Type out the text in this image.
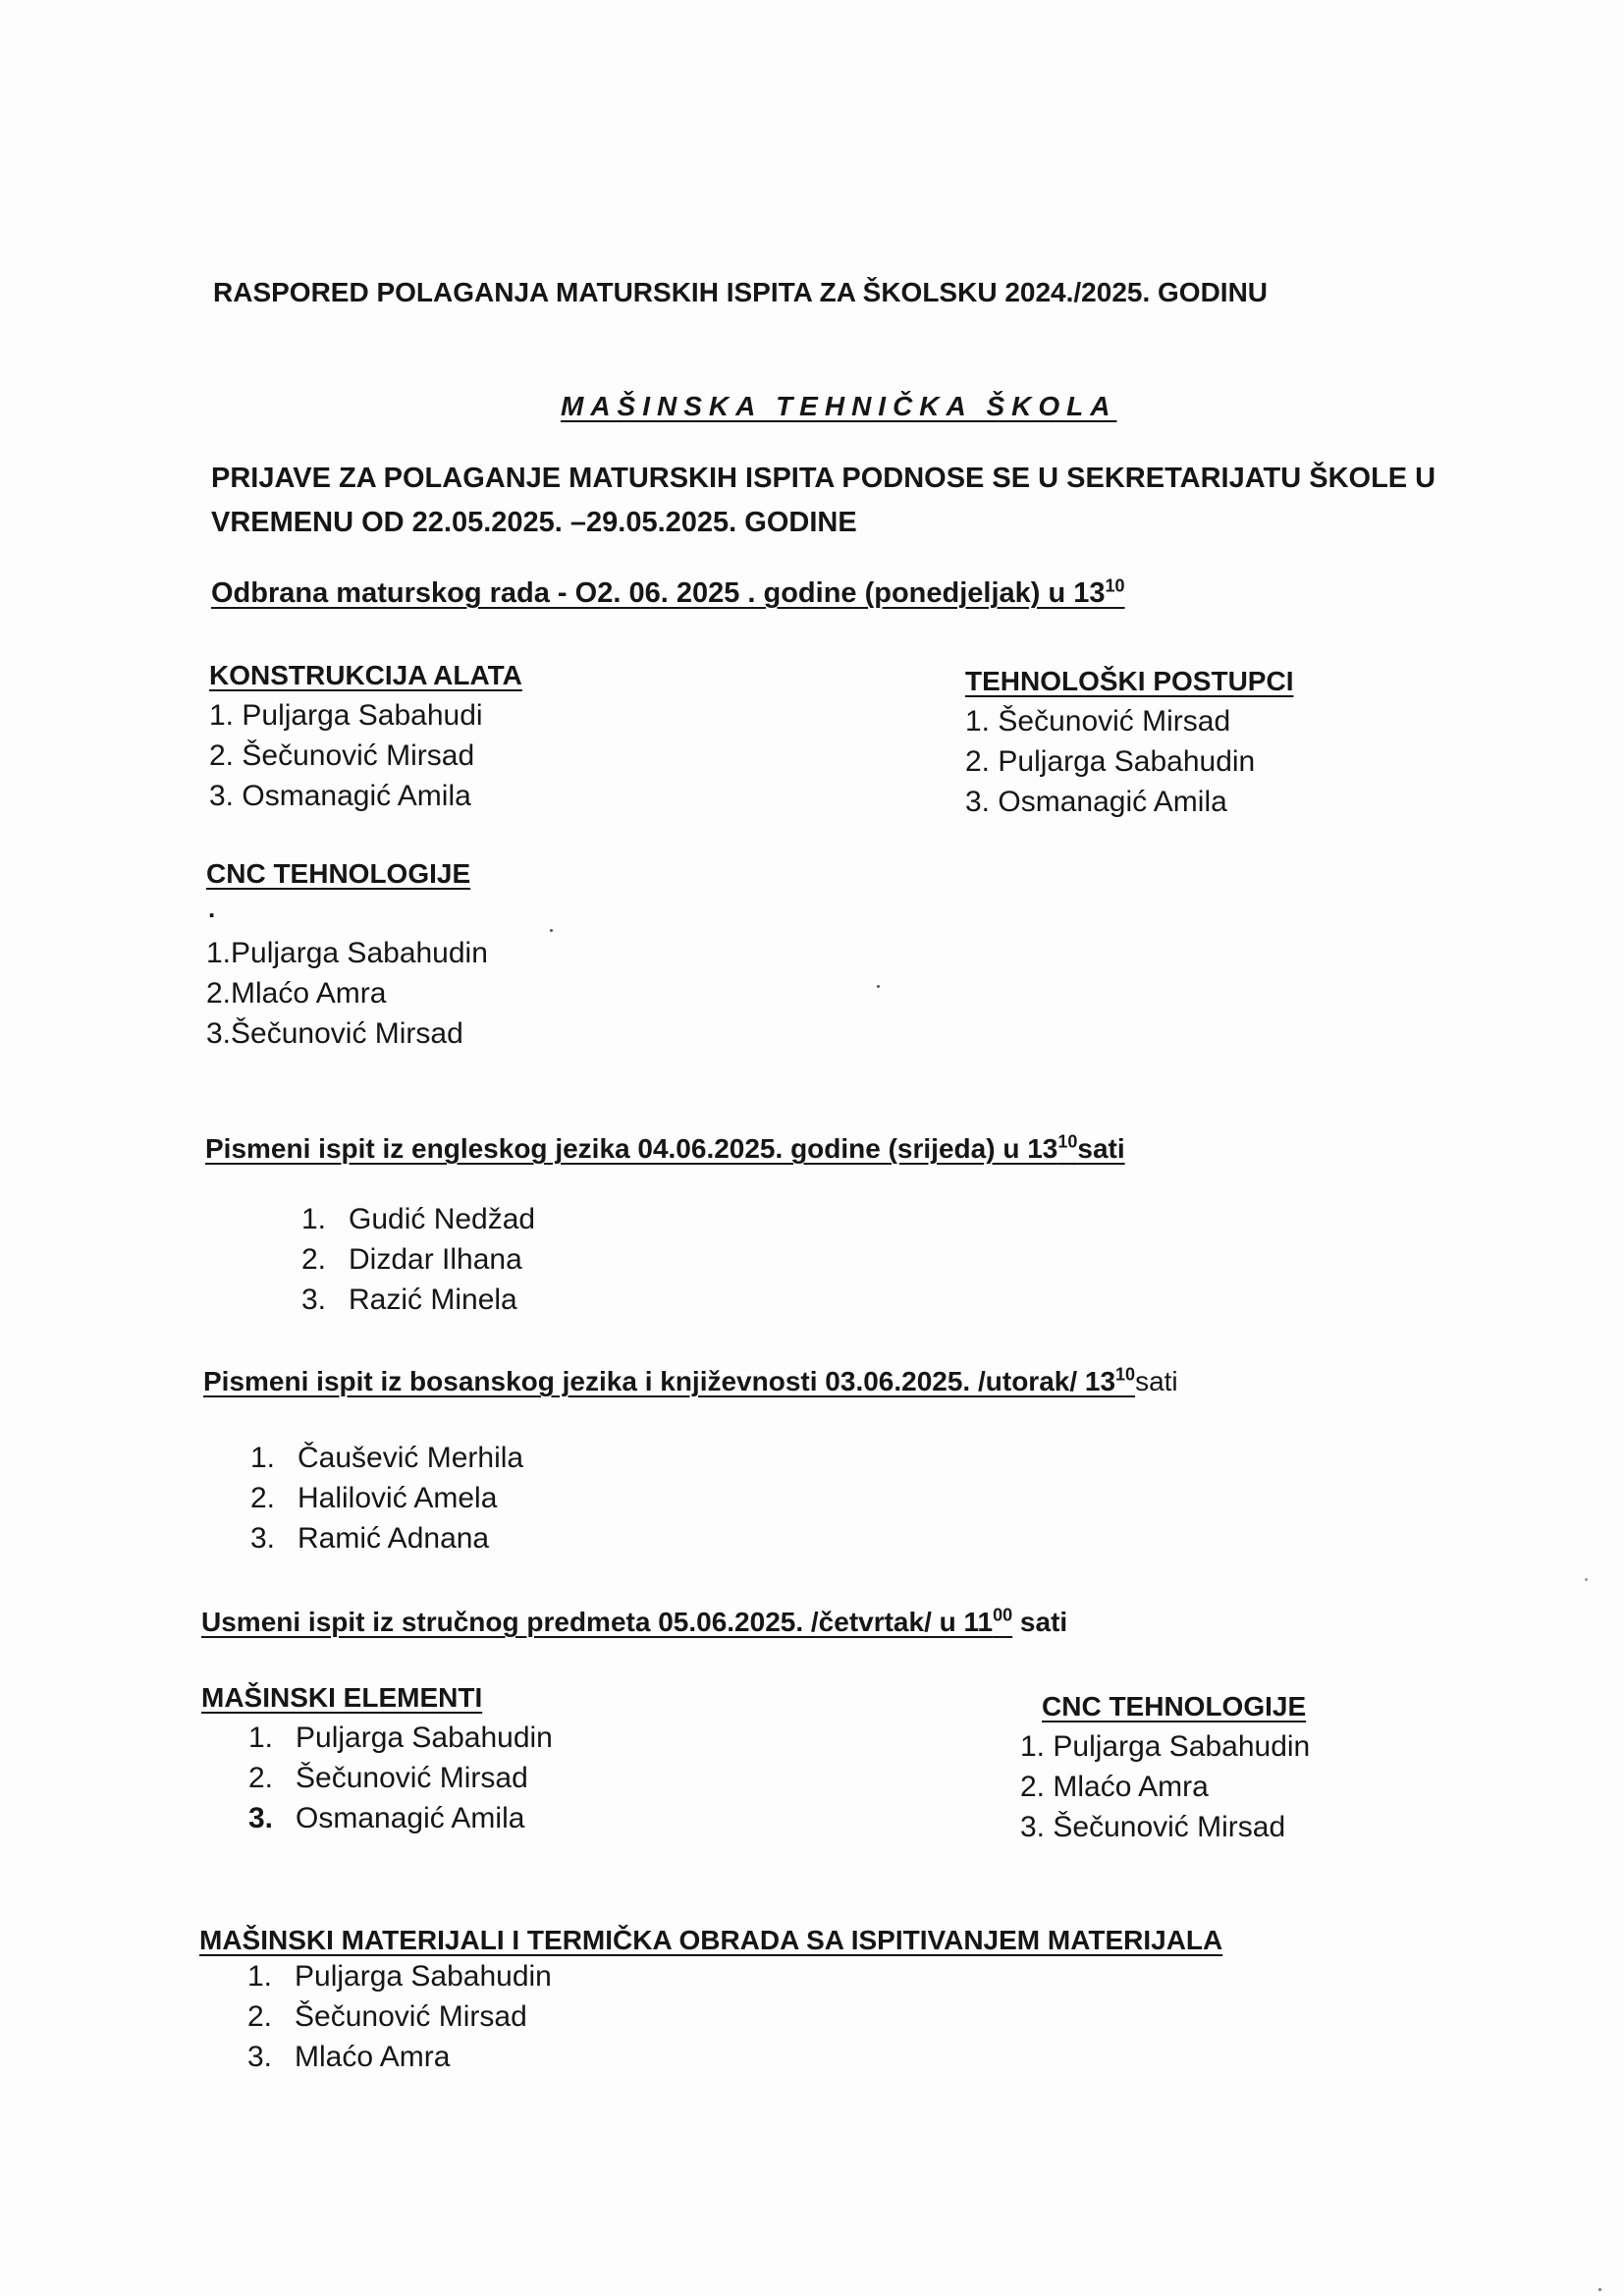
RASPORED POLAGANJA MATURSKIH ISPITA ZA ŠKOLSKU 2024./2025. GODINU
MAŠINSKA TEHNIČKA ŠKOLA
PRIJAVE ZA POLAGANJE MATURSKIH ISPITA PODNOSE SE U SEKRETARIJATU ŠKOLE U
VREMENU OD 22.05.2025. –29.05.2025. GODINE
Odbrana maturskog rada - O2. 06. 2025 . godine (ponedjeljak) u $13^{10}$
KONSTRUKCIJA ALATA
1. Puljarga Sabahudi
2. Šečunović Mirsad
3. Osmanagić Amila
TEHNOLOŠKI POSTUPCI
1. Šečunović Mirsad
2. Puljarga Sabahudin
3. Osmanagić Amila
CNC TEHNOLOGIJE
.
1.Puljarga Sabahudin
2.Mlaćo Amra
3.Šečunović Mirsad
Pismeni ispit iz engleskog jezika 04.06.2025. godine (srijeda) u $13^{10}sati$
1. Gudić Nedžad
2. Dizdar Ilhana
3. Razić Minela
Pismeni ispit iz bosanskog jezika i književnosti 03.06.2025. /utorak/ $13^{10}sati$
1. Čaušević Merhila
2. Halilović Amela
3. Ramić Adnana
Usmeni ispit iz stručnog predmeta 05.06.2025. /četvrtak/ u $11^{00}$ sati
MAŠINSKI ELEMENTI
1. Puljarga Sabahudin
2. Šečunović Mirsad
3. Osmanagić Amila
CNC TEHNOLOGIJE
1. Puljarga Sabahudin
2. Mlaćo Amra
3. Šečunović Mirsad
MAŠINSKI MATERIJALI I TERMIČKA OBRADA SA ISPITIVANJEM MATERIJALA
1. Puljarga Sabahudin
2. Šečunović Mirsad
3. Mlaćo Amra
